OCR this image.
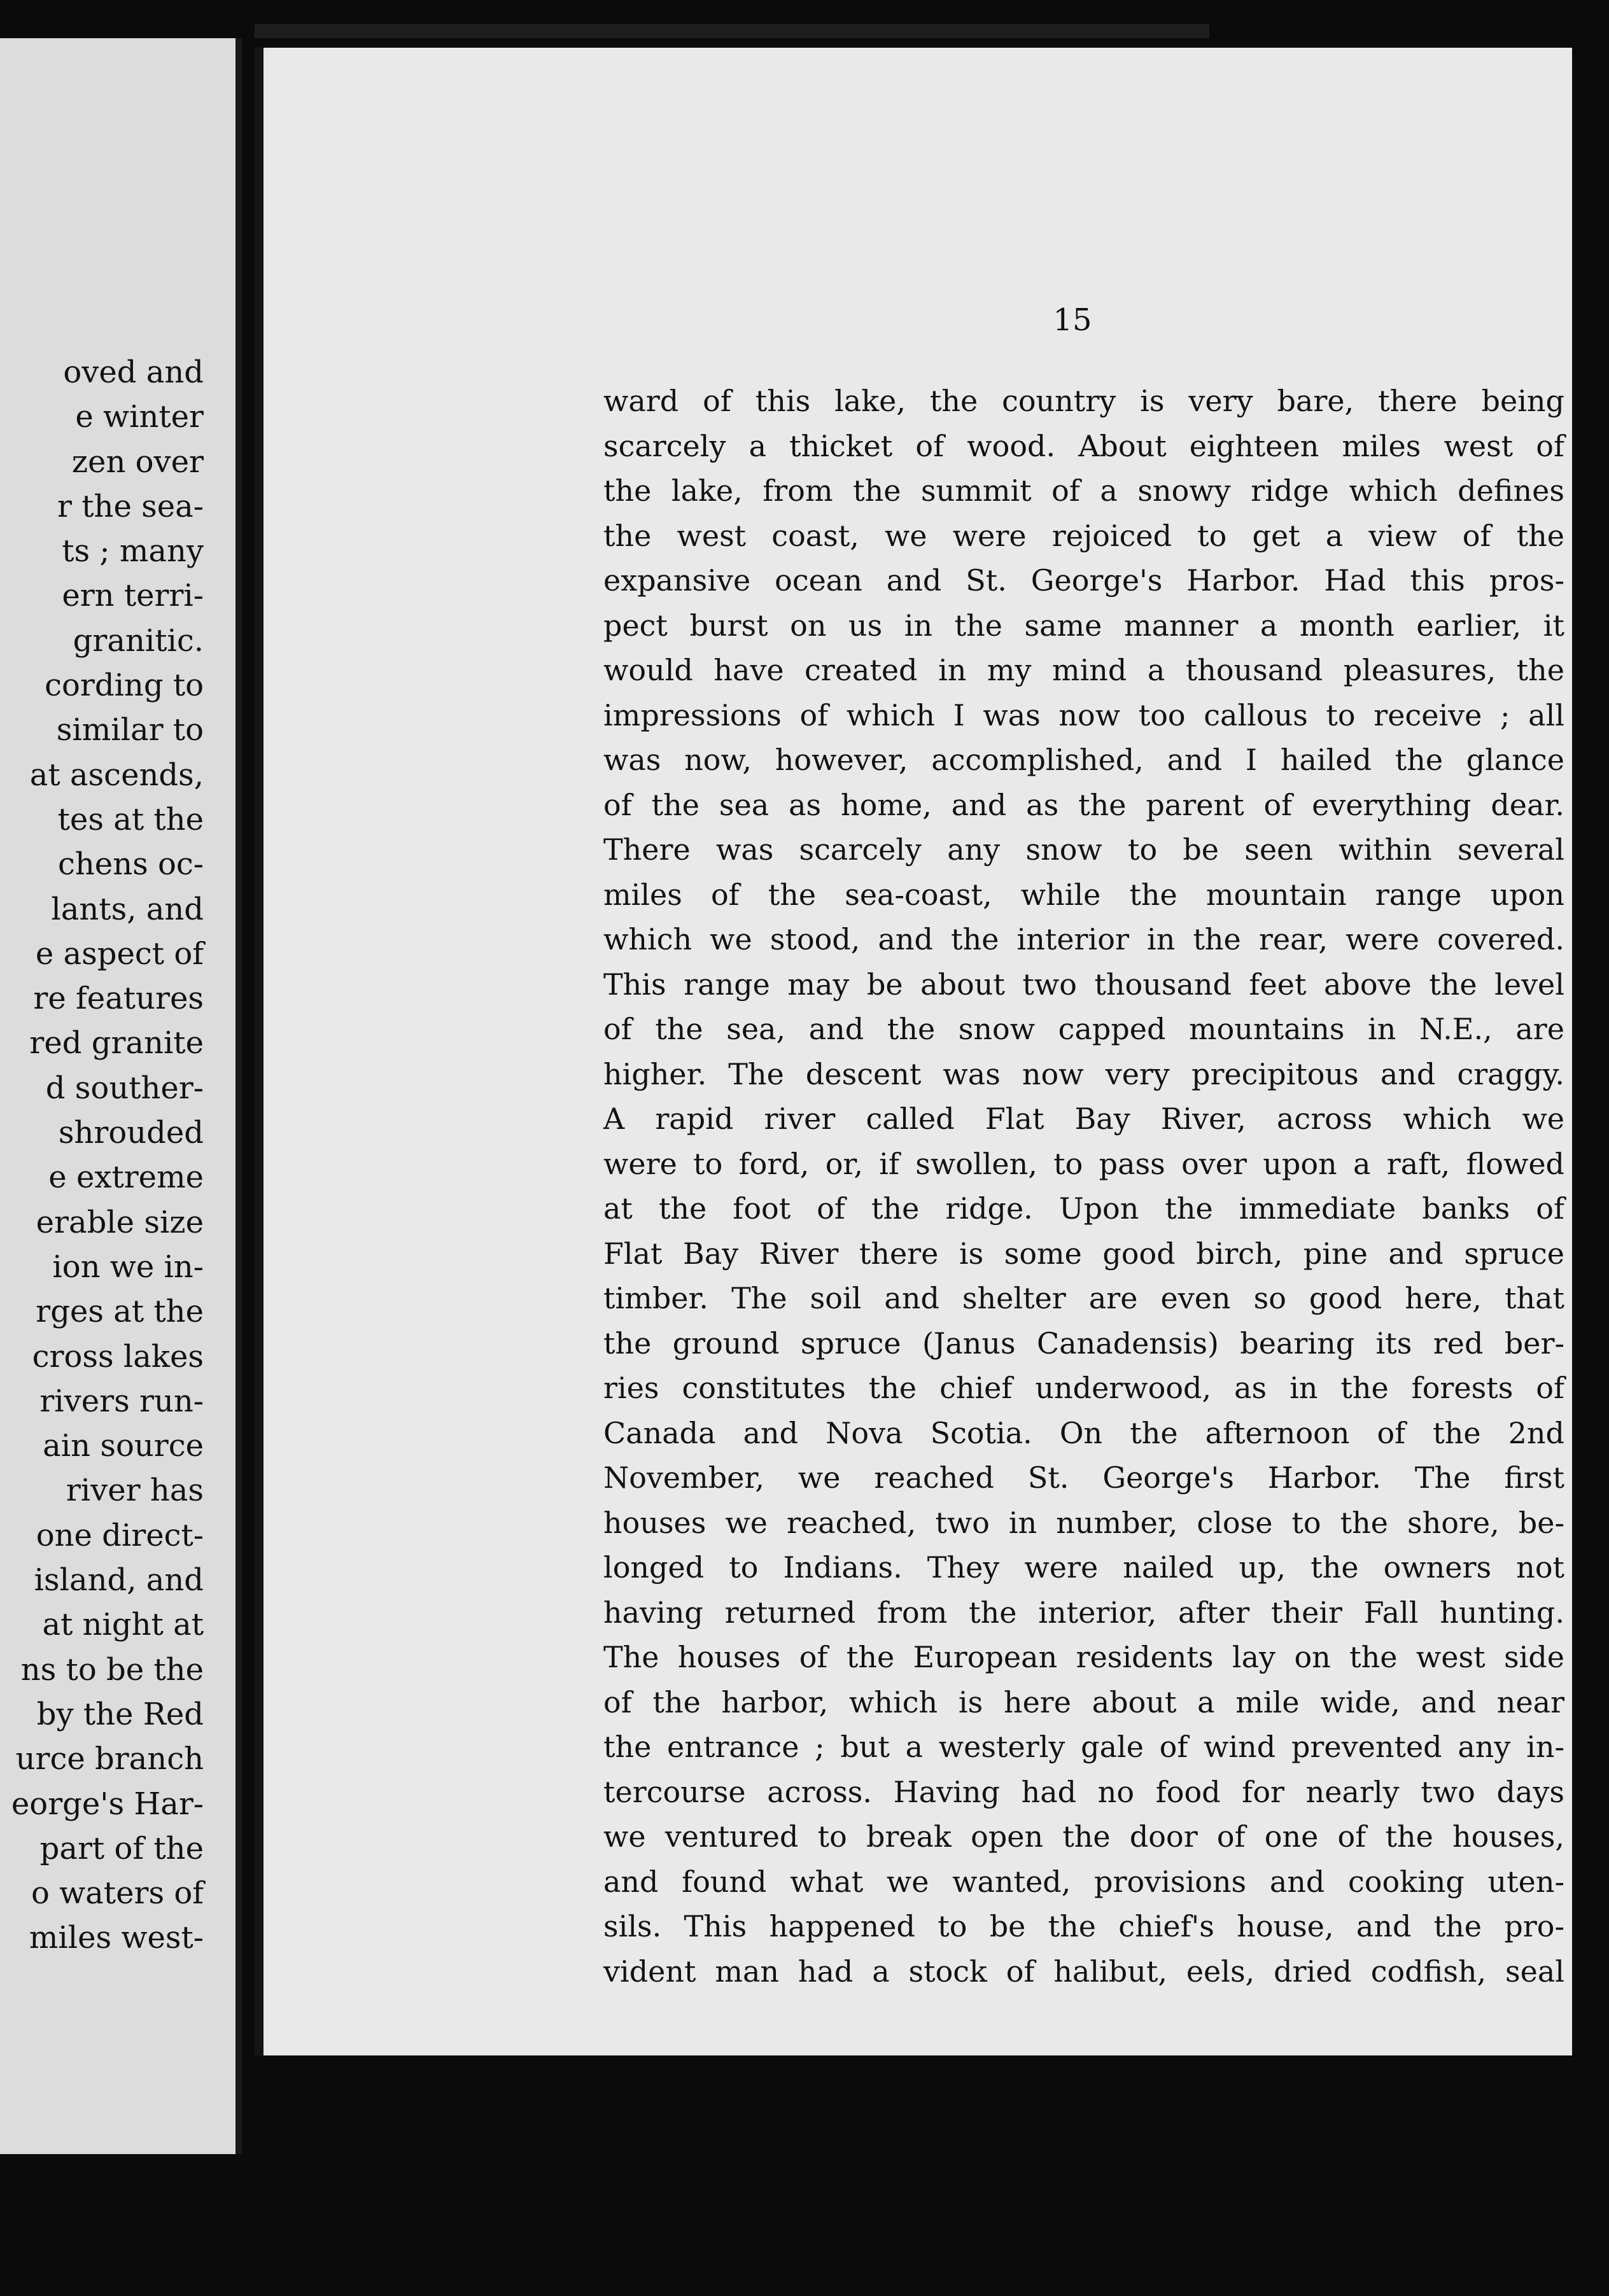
oved and
e winter
zen over
r the sea-
ts ; many
ern terri-
granitic.
cording to
similar to
at ascends,
tes at the
chens oc-
lants, and
e aspect of
re features
red granite
d souther-
shrouded
e extreme
erable size
ion we in-
rges at the
cross lakes
rivers run-
ain source
river has
one direct-
island, and
at night at
ns to be the
by the Red
urce branch
eorge's Har-
part of the
o waters of
miles west-
15
ward of this lake, the country is very bare, there being
scarcely a thicket of wood. About eighteen miles west of
the lake, from the summit of a snowy ridge which defines
the west coast, we were rejoiced to get a view of the
expansive ocean and St. George's Harbor. Had this pros-
pect burst on us in the same manner a month earlier, it
would have created in my mind a thousand pleasures, the
impressions of which I was now too callous to receive ; all
was now, however, accomplished, and I hailed the glance
of the sea as home, and as the parent of everything dear.
There was scarcely any snow to be seen within several
miles of the sea-coast, while the mountain range upon
which we stood, and the interior in the rear, were covered.
This range may be about two thousand feet above the level
of the sea, and the snow capped mountains in N.E., are
higher. The descent was now very precipitous and craggy.
A rapid river called Flat Bay River, across which we
were to ford, or, if swollen, to pass over upon a raft, flowed
at the foot of the ridge. Upon the immediate banks of
Flat Bay River there is some good birch, pine and spruce
timber. The soil and shelter are even so good here, that
the ground spruce (Janus Canadensis) bearing its red ber-
ries constitutes the chief underwood, as in the forests of
Canada and Nova Scotia. On the afternoon of the 2nd
November, we reached St. George's Harbor. The first
houses we reached, two in number, close to the shore, be-
longed to Indians. They were nailed up, the owners not
having returned from the interior, after their Fall hunting.
The houses of the European residents lay on the west side
of the harbor, which is here about a mile wide, and near
the entrance ; but a westerly gale of wind prevented any in-
tercourse across. Having had no food for nearly two days
we ventured to break open the door of one of the houses,
and found what we wanted, provisions and cooking uten-
sils. This happened to be the chief's house, and the pro-
vident man had a stock of halibut, eels, dried codfish, seal
